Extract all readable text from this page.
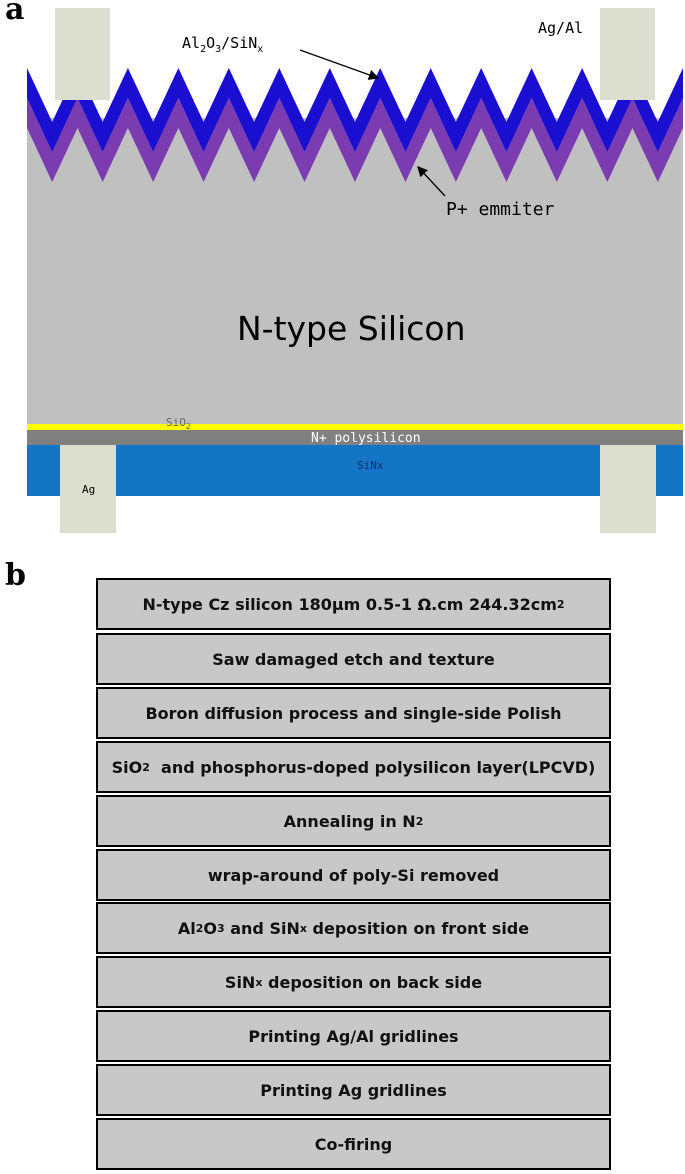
a
$Al_2O_3/SiN_x$
Ag/Al
P+ emmiter
N-type Silicon
SiO$_2$
N+ polysilicon
SiNx
Ag
b
N-type Cz silicon 180μm 0.5-1 Ω.cm 244.32cm 2
Saw damaged etch and texture
Boron diffusion process and single-side Polish
SiO 2 and phosphorus-doped polysilicon layer(LPCVD)
Annealing in N 2
wrap-around of poly-Si removed
Al 2 O 3 and SiN x deposition on front side
SiN x deposition on back side
Printing Ag/Al gridlines
Printing Ag gridlines
Co-firing
